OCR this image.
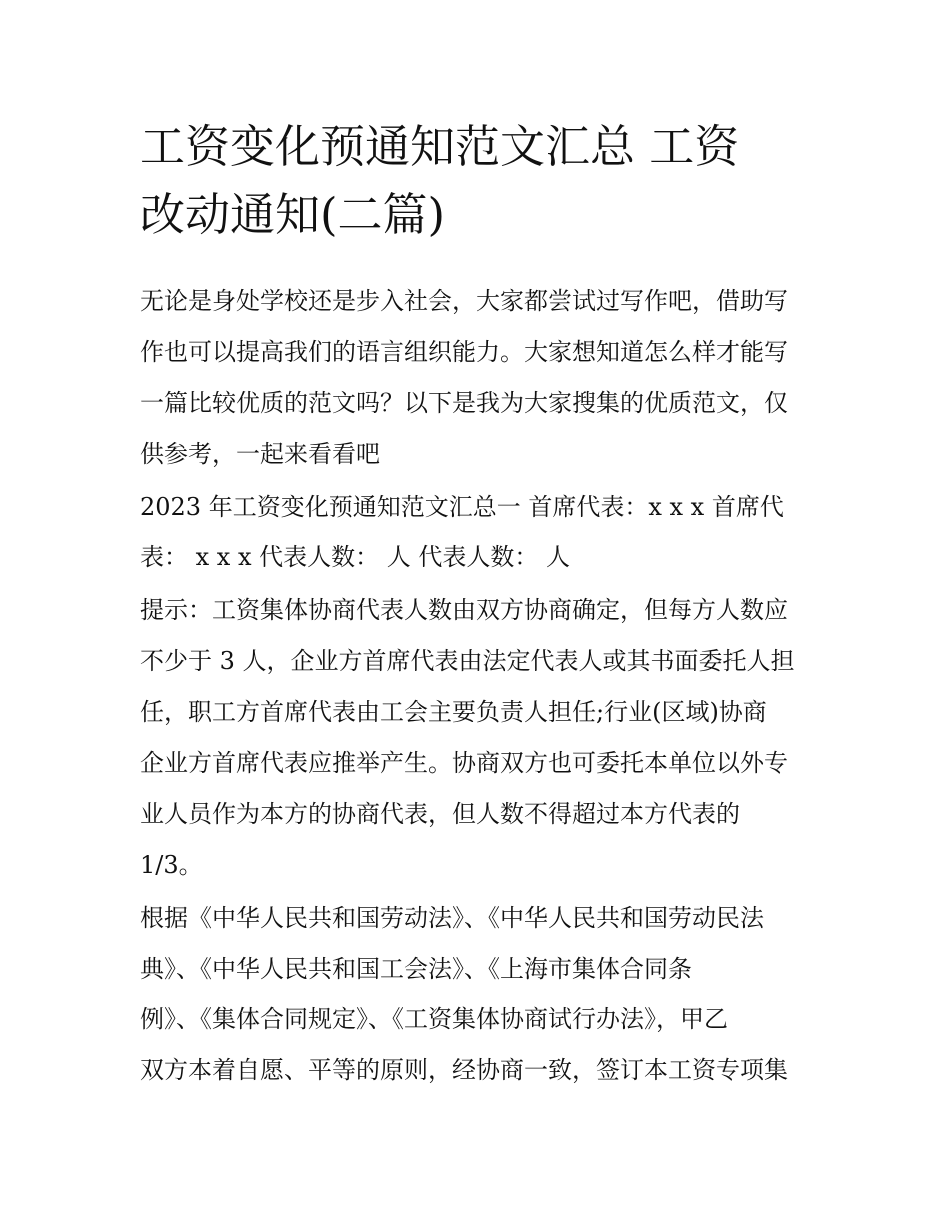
工资变化预通知范文汇总 工资
改动通知(二篇)
无论是身处学校还是步入社会，大家都尝试过写作吧，借助写
作也可以提高我们的语言组织能力。大家想知道怎么样才能写
一篇比较优质的范文吗？以下是我为大家搜集的优质范文，仅
供参考，一起来看看吧
2023 年工资变化预通知范文汇总一 首席代表：x x x 首席代
表： x x x 代表人数： 人 代表人数： 人
提示：工资集体协商代表人数由双方协商确定，但每方人数应
不少于 3 人，企业方首席代表由法定代表人或其书面委托人担
任，职工方首席代表由工会主要负责人担任;行业(区域)协商
企业方首席代表应推举产生。协商双方也可委托本单位以外专
业人员作为本方的协商代表，但人数不得超过本方代表的
1/3。
根据《中华人民共和国劳动法》、《中华人民共和国劳动民法
典》、《中华人民共和国工会法》、《上海市集体合同条
例》、《集体合同规定》、《工资集体协商试行办法》，甲乙
双方本着自愿、平等的原则，经协商一致，签订本工资专项集
